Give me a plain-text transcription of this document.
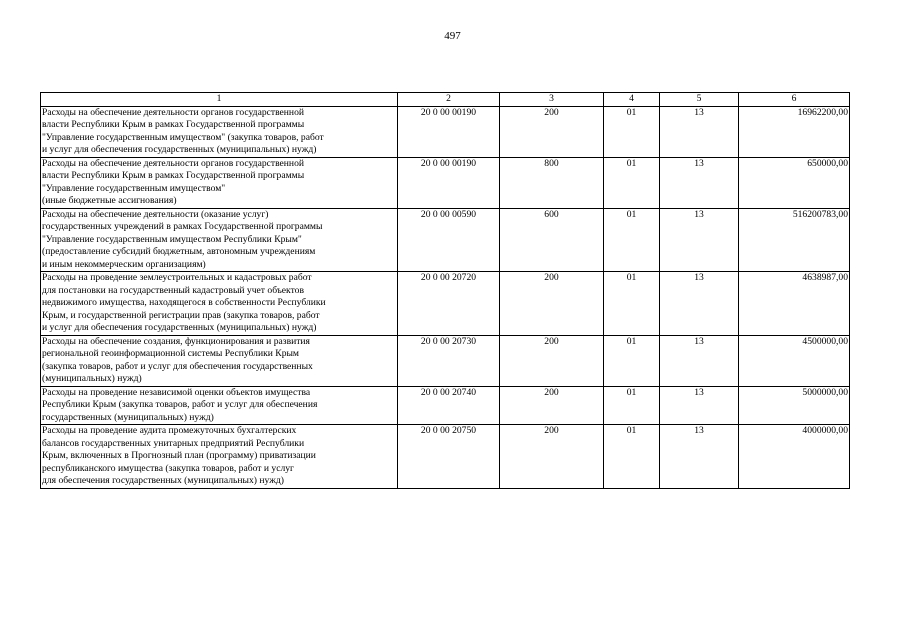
497
1	2	3	4	5	6

Расходы на обеспечение деятельности органов государственной
власти Республики Крым в рамках Государственной программы
"Управление государственным имуществом" (закупка товаров, работ
и услуг для обеспечения государственных (муниципальных) нужд)	20 0 00 00190	200	01	13	16962200,00

Расходы на обеспечение деятельности органов государственной
власти Республики Крым в рамках Государственной программы
"Управление государственным имуществом"
(иные бюджетные ассигнования)	20 0 00 00190	800	01	13	650000,00

Расходы на обеспечение деятельности (оказание услуг)
государственных учреждений в рамках Государственной программы
"Управление государственным имуществом Республики Крым"
(предоставление субсидий бюджетным, автономным учреждениям
и иным некоммерческим организациям)	20 0 00 00590	600	01	13	516200783,00

Расходы на проведение землеустроительных и кадастровых работ
для постановки на государственный кадастровый учет объектов
недвижимого имущества, находящегося в собственности Республики
Крым, и государственной регистрации прав (закупка товаров, работ
и услуг для обеспечения государственных (муниципальных) нужд)	20 0 00 20720	200	01	13	4638987,00

Расходы на обеспечение создания, функционирования и развития
региональной геоинформационной системы Республики Крым
(закупка товаров, работ и услуг для обеспечения государственных
(муниципальных) нужд)	20 0 00 20730	200	01	13	4500000,00

Расходы на проведение независимой оценки объектов имущества
Республики Крым (закупка товаров, работ и услуг для обеспечения
государственных (муниципальных) нужд)	20 0 00 20740	200	01	13	5000000,00

Расходы на проведение аудита промежуточных бухгалтерских
балансов государственных унитарных предприятий Республики
Крым, включенных в Прогнозный план (программу) приватизации
республиканского имущества (закупка товаров, работ и услуг
для обеспечения государственных (муниципальных) нужд)	20 0 00 20750	200	01	13	4000000,00
